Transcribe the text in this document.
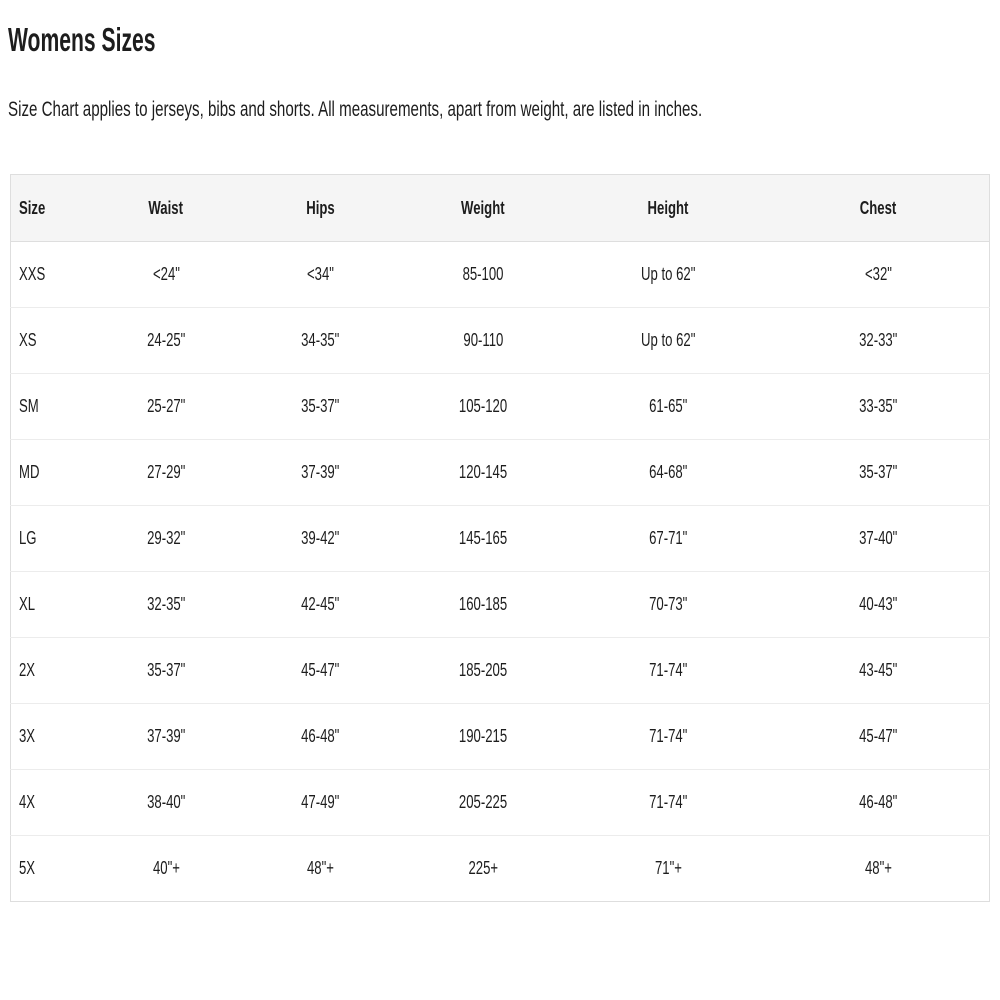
Womens Sizes

Size Chart applies to jerseys, bibs and shorts. All measurements, apart from weight, are listed in inches.

Size	Waist	Hips	Weight	Height	Chest
XXS	<24"	<34"	85-100	Up to 62"	<32"
XS	24-25"	34-35"	90-110	Up to 62"	32-33"
SM	25-27"	35-37"	105-120	61-65"	33-35"
MD	27-29"	37-39"	120-145	64-68"	35-37"
LG	29-32"	39-42"	145-165	67-71"	37-40"
XL	32-35"	42-45"	160-185	70-73"	40-43"
2X	35-37"	45-47"	185-205	71-74"	43-45"
3X	37-39"	46-48"	190-215	71-74"	45-47"
4X	38-40"	47-49"	205-225	71-74"	46-48"
5X	40"+	48"+	225+	71"+	48"+
